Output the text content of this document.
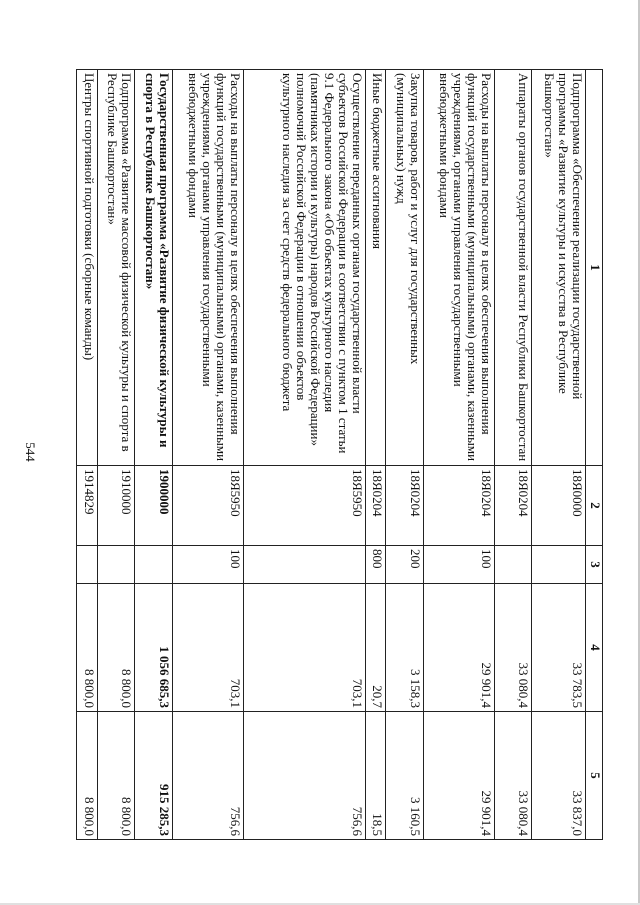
544
1	2	3	4	5
Подпрограмма «Обеспечение реализации государственной программы «Развитие культуры и искусства в Республике Башкортостан»	18Я0000		33 783,5	33 837,0
Аппараты органов государственной власти Республики Башкортостан	18Я0204		33 080,4	33 080,4
Расходы на выплаты персоналу в целях обеспечения выполнения функций государственными (муниципальными) органами, казенными учреждениями, органами управления государственными внебюджетными фондами	18Я0204	100	29 901,4	29 901,4
Закупка товаров, работ и услуг для государственных (муниципальных) нужд	18Я0204	200	3 158,3	3 160,5
Иные бюджетные ассигнования	18Я0204	800	20,7	18,5
Осуществление переданных органам государственной власти субъектов Российской Федерации в соответствии с пунктом 1 статьи 9.1 Федерального закона «Об объектах культурного наследия (памятниках истории и культуры) народов Российской Федерации» полномочий Российской Федерации в отношении объектов культурного наследия за счет средств федерального бюджета	18Я5950		703,1	756,6
Расходы на выплаты персоналу в целях обеспечения выполнения функций государственными (муниципальными) органами, казенными учреждениями, органами управления государственными внебюджетными фондами	18Я5950	100	703,1	756,6
Государственная программа «Развитие физической культуры и спорта в Республике Башкортостан»	1900000		1 056 685,3	915 285,3
Подпрограмма «Развитие массовой физической культуры и спорта в Республике Башкортостан»	1910000		8 800,0	8 800,0
Центры спортивной подготовки (сборные команды)	1914829		8 800,0	8 800,0
